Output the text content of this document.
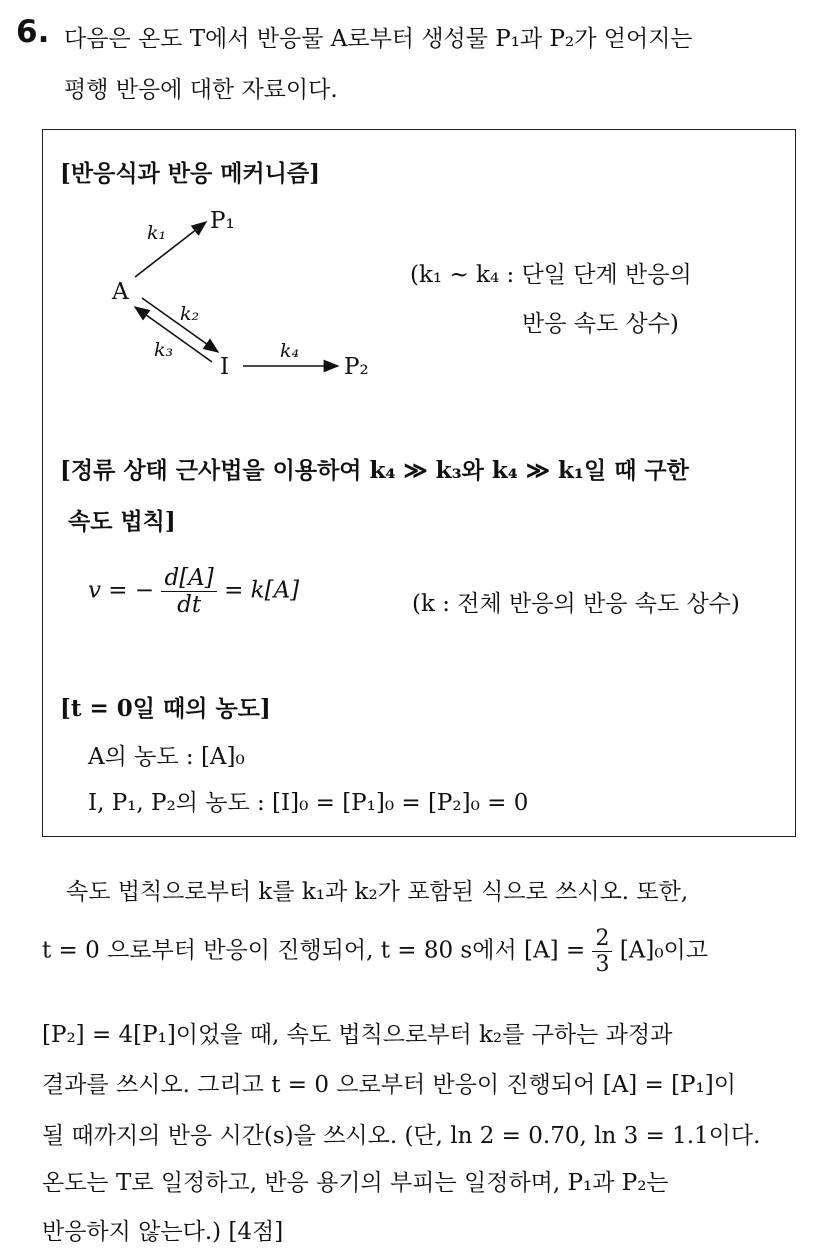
6. 다음은 온도 T에서 반응물 A로부터 생성물 P₁과 P₂가 얻어지는
평행 반응에 대한 자료이다.
[반응식과 반응 메커니즘]
A
P₁
I	P₂
k₁
k₂
k₃	k₄
(k₁ ~ k₄ : 단일 단계 반응의
반응 속도 상수)
[정류 상태 근사법을 이용하여 k₄ ≫ k₃와 k₄ ≫ k₁일 때 구한
속도 법칙]
v = − $\frac{d[A]}{dt} = k[A]$
(k : 전체 반응의 반응 속도 상수)
[t = 0일 때의 농도]
A의 농도 : [A]₀
I, P₁, P₂의 농도 : [I]₀ = [P₁]₀ = [P₂]₀ = 0
속도 법칙으로부터 k를 k₁과 k₂가 포함된 식으로 쓰시오. 또한,
t = 0 으로부터 반응이 진행되어, t = 80 s에서 $[A] = \frac{2}{3} [A]_0$이고
[P₂] = 4[P₁]이었을 때, 속도 법칙으로부터 k₂를 구하는 과정과
결과를 쓰시오. 그리고 t = 0 으로부터 반응이 진행되어 [A] = [P₁]이
될 때까지의 반응 시간(s)을 쓰시오. (단, ln 2 = 0.70, ln 3 = 1.1이다.
온도는 T로 일정하고, 반응 용기의 부피는 일정하며, P₁과 P₂는
반응하지 않는다.) [4점]
